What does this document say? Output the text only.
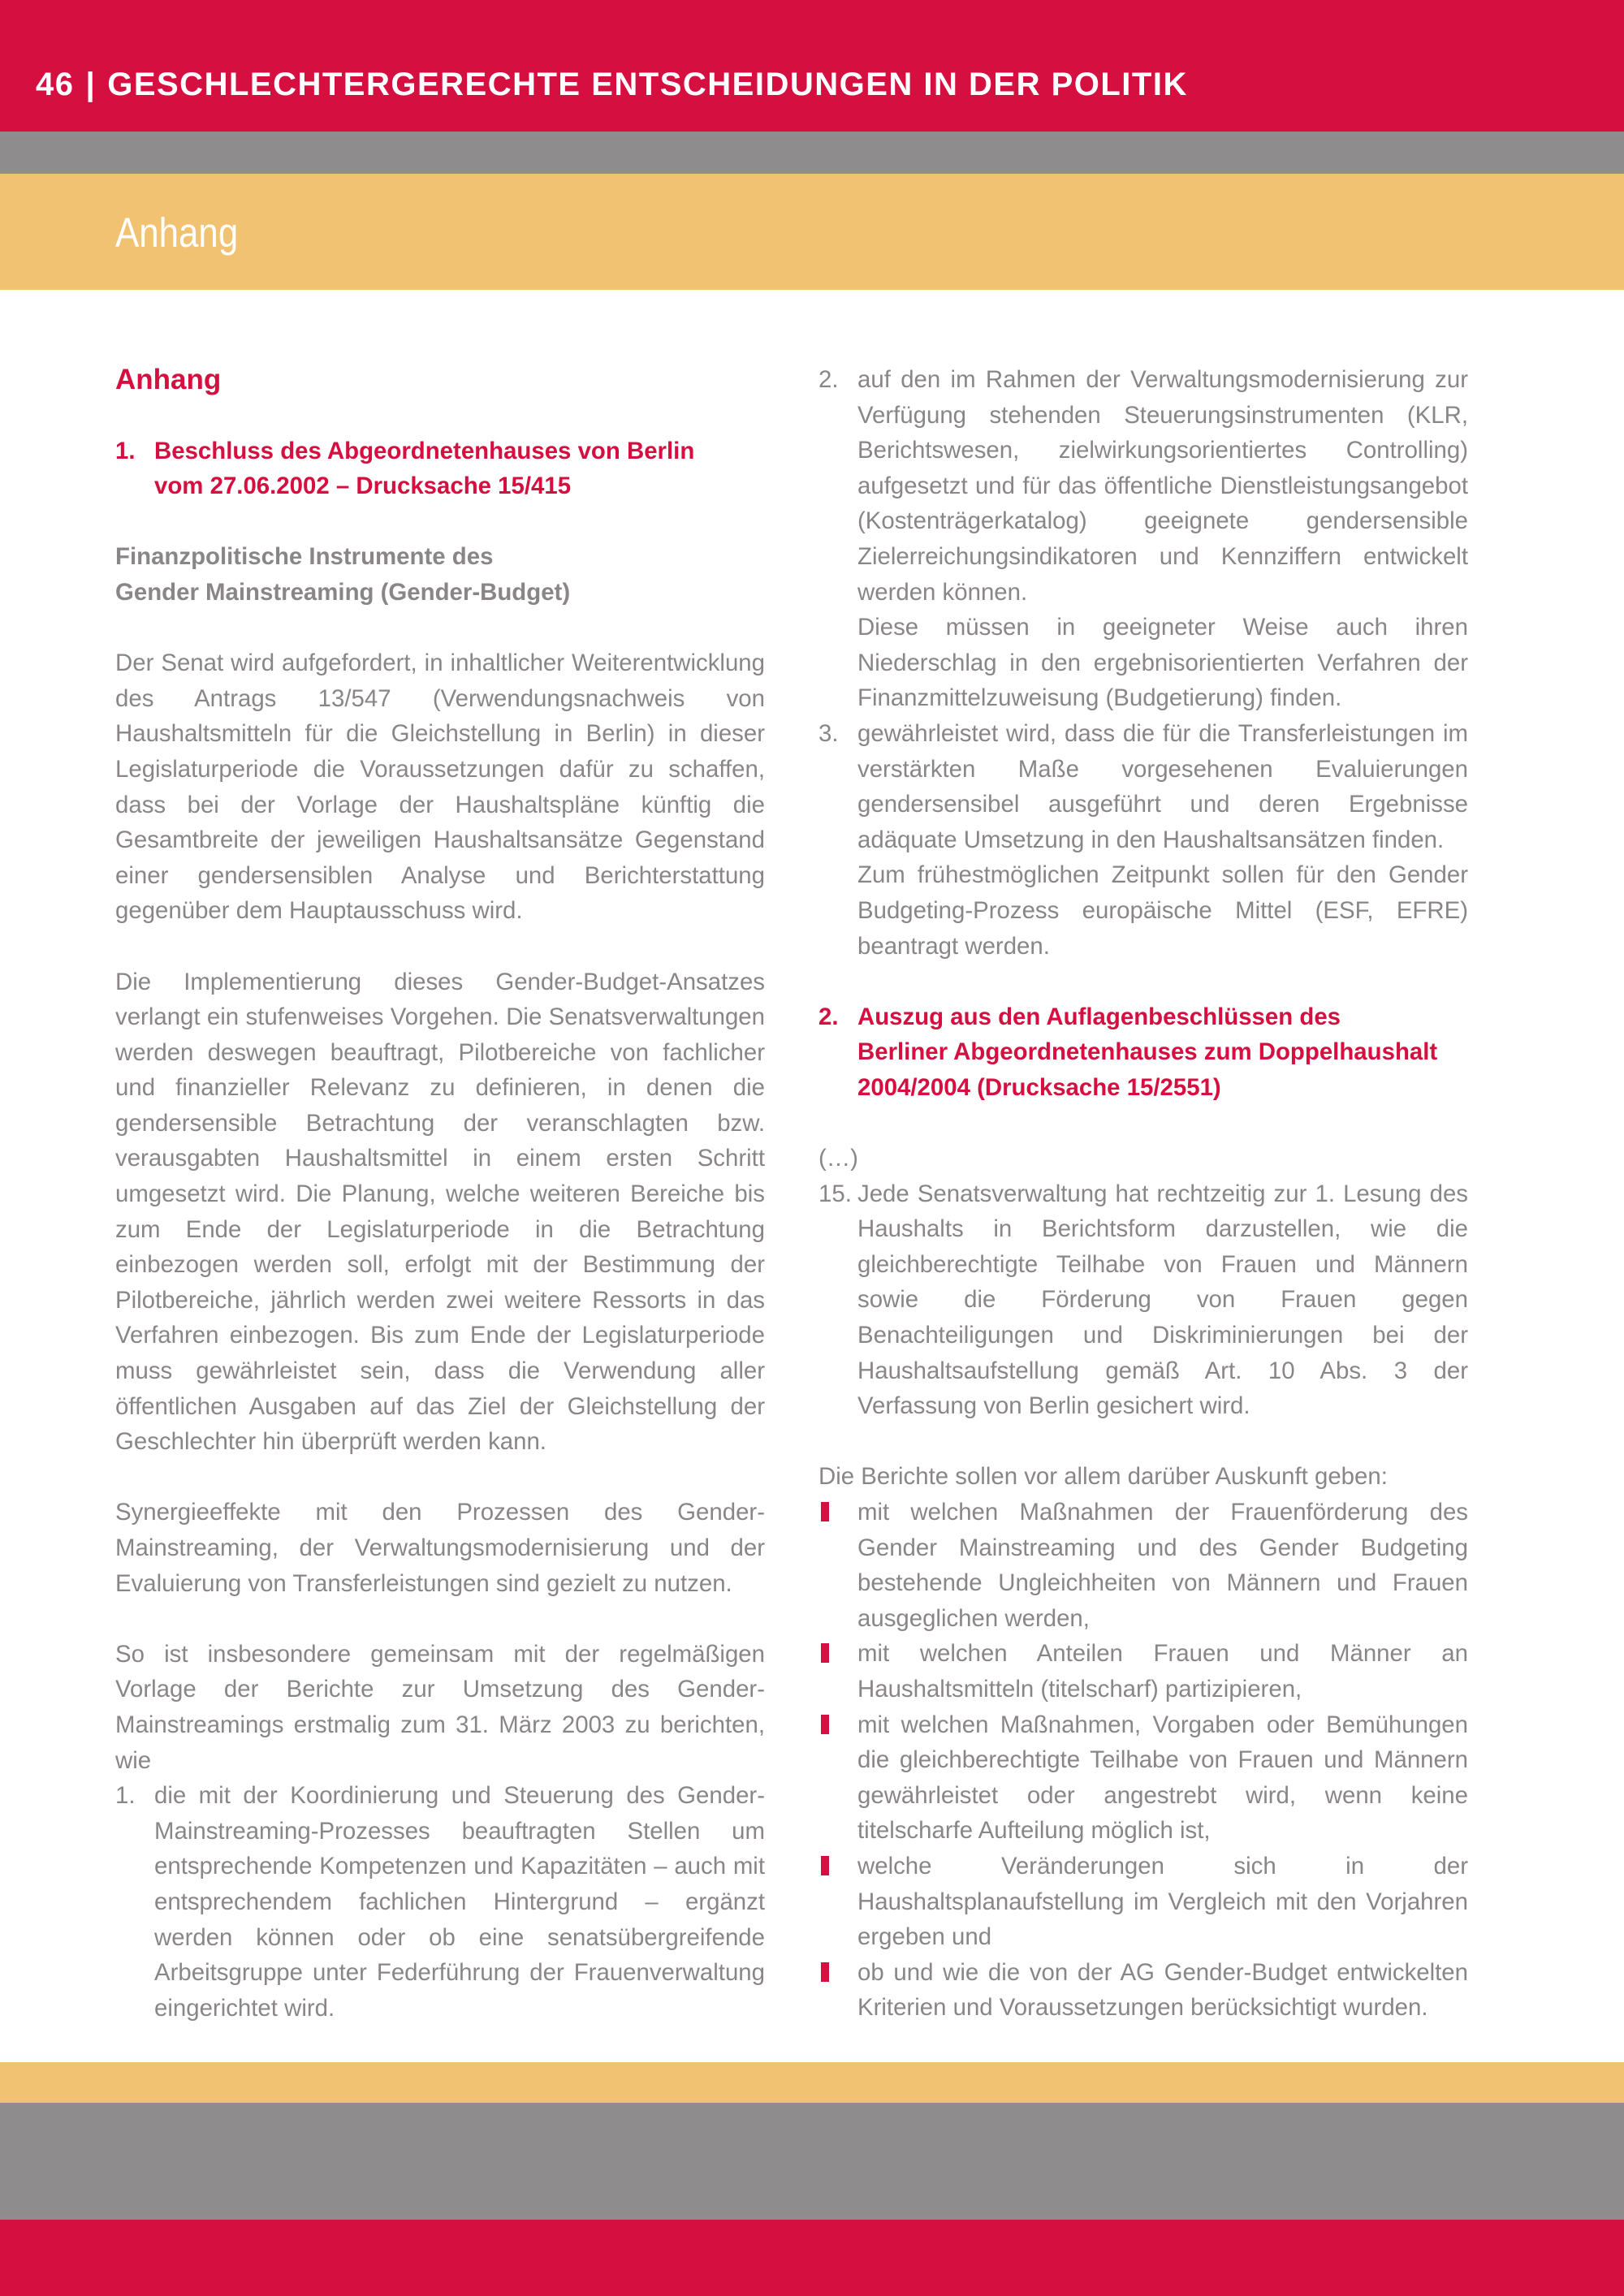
46 | GESCHLECHTERGERECHTE ENTSCHEIDUNGEN IN DER POLITIK
Anhang
Anhang

1. Beschluss des Abgeordnetenhauses von Berlin
vom 27.06.2002 – Drucksache 15/415

Finanzpolitische Instrumente des
Gender Mainstreaming (Gender-Budget)

Der Senat wird aufgefordert, in inhaltlicher Weiterentwicklung des Antrags 13/547 (Verwendungsnachweis von Haushaltsmitteln für die Gleichstellung in Berlin) in dieser Legislaturperiode die Voraussetzungen dafür zu schaffen, dass bei der Vorlage der Haushaltspläne künftig die Gesamtbreite der jeweiligen Haushaltsansätze Gegenstand einer gendersensiblen Analyse und Berichterstattung gegenüber dem Hauptausschuss wird.

Die Implementierung dieses Gender-Budget-Ansatzes verlangt ein stufenweises Vorgehen. Die Senatsverwaltungen werden deswegen beauftragt, Pilotbereiche von fachlicher und finanzieller Relevanz zu definieren, in denen die gendersensible Betrachtung der veranschlagten bzw. verausgabten Haushaltsmittel in einem ersten Schritt umgesetzt wird. Die Planung, welche weiteren Bereiche bis zum Ende der Legislaturperiode in die Betrachtung einbezogen werden soll, erfolgt mit der Bestimmung der Pilotbereiche, jährlich werden zwei weitere Ressorts in das Verfahren einbezogen. Bis zum Ende der Legislaturperiode muss gewährleistet sein, dass die Verwendung aller öffentlichen Ausgaben auf das Ziel der Gleichstellung der Geschlechter hin überprüft werden kann.

Synergieeffekte mit den Prozessen des Gender-Mainstreaming, der Verwaltungsmodernisierung und der Evaluierung von Transferleistungen sind gezielt zu nutzen.

So ist insbesondere gemeinsam mit der regelmäßigen Vorlage der Berichte zur Umsetzung des Gender-Mainstreamings erstmalig zum 31. März 2003 zu berichten, wie

1. die mit der Koordinierung und Steuerung des Gender-Mainstreaming-Prozesses beauftragten Stellen um entsprechende Kompetenzen und Kapazitäten – auch mit entsprechendem fachlichen Hintergrund – ergänzt werden können oder ob eine senatsübergreifende Arbeitsgruppe unter Federführung der Frauenverwaltung eingerichtet wird.

2. auf den im Rahmen der Verwaltungsmodernisierung zur Verfügung stehenden Steuerungsinstrumenten (KLR, Berichtswesen, zielwirkungsorientiertes Controlling) aufgesetzt und für das öffentliche Dienstleistungsangebot (Kostenträgerkatalog) geeignete gendersensible Zielerreichungsindikatoren und Kennziffern entwickelt werden können.

Diese müssen in geeigneter Weise auch ihren Niederschlag in den ergebnisorientierten Verfahren der Finanzmittelzuweisung (Budgetierung) finden.

3. gewährleistet wird, dass die für die Transferleistungen im verstärkten Maße vorgesehenen Evaluierungen gendersensibel ausgeführt und deren Ergebnisse adäquate Umsetzung in den Haushaltsansätzen finden.

Zum frühestmöglichen Zeitpunkt sollen für den Gender Budgeting-Prozess europäische Mittel (ESF, EFRE) beantragt werden.

2. Auszug aus den Auflagenbeschlüssen des
Berliner Abgeordnetenhauses zum Doppelhaushalt
2004/2004 (Drucksache 15/2551)

(…)

15. Jede Senatsverwaltung hat rechtzeitig zur 1. Lesung des Haushalts in Berichtsform darzustellen, wie die gleichberechtigte Teilhabe von Frauen und Männern sowie die Förderung von Frauen gegen Benachteiligungen und Diskriminierungen bei der Haushaltsaufstellung gemäß Art. 10 Abs. 3 der Verfassung von Berlin gesichert wird.

Die Berichte sollen vor allem darüber Auskunft geben:

mit welchen Maßnahmen der Frauenförderung des Gender Mainstreaming und des Gender Budgeting bestehende Ungleichheiten von Männern und Frauen ausgeglichen werden,
mit welchen Anteilen Frauen und Männer an Haushaltsmitteln (titelscharf) partizipieren,
mit welchen Maßnahmen, Vorgaben oder Bemühungen die gleichberechtigte Teilhabe von Frauen und Männern gewährleistet oder angestrebt wird, wenn keine titelscharfe Aufteilung möglich ist,
welche Veränderungen sich in der Haushaltsplanaufstellung im Vergleich mit den Vorjahren ergeben und
ob und wie die von der AG Gender-Budget entwickelten Kriterien und Voraussetzungen berücksichtigt wurden.
